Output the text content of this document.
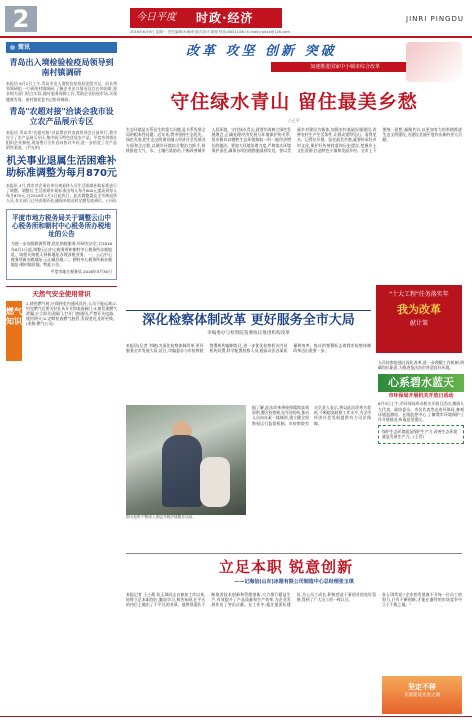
2	今日平度 时政·经济	JINRI PINGDU
2016年6月6日 星期一 责任编辑:孙海涛 版式设计:胡强 热线:88321080 E-mail:jrpdxx@126.com
简讯
青岛出入境检验检疫局领导到南村镇调研
本报讯 6月2日上午,青岛市出入境检验检疫局党组书记、局长带领调研组一行到南村镇调研,了解企业出口情况及存在的困难,要求相关部门结合实际,做好服务保障工作,帮助企业拓展市场,实现健康发展。南村镇党委书记陪同调研。
青岛"农超对接"洽谈会我市设立农产品展示专区
本报讯 青岛市"农超对接"洽谈暨农村电商培训会日前举行,我市设立了农产品展示专区,集中展示特色优质农产品。平度市供销社组织企业参展,现场签订合作意向协议多份,进一步拓宽了农产品销售渠道。(尹光明)
机关事业退属生活困难补助标准调整为每月870元
本报讯 4月,我市对企事业单位离退休人员生活困难补助标准进行了调整。调整后,生活困难补助标准由每人每月800元提高到每人每月870元,自2016年1月1日起执行。此次调整惠及全市离退休人员,有关部门已经安排资金,确保补助及时足额发放到位。(小原)
平度市地方税务局关于调整云山中心税务所和朝村中心税务所办税地址的公告
为进一步加强税源管理,优化纳税服务,经研究决定,自2016年6月1日起,调整云山中心税务所和朝村中心税务所办税地址。请相关纳税人到新地址办理涉税业务。一、云山中心税务所新办税地址:云山镇驻地;二、朝村中心税务所新办税地址:朝村镇驻地。特此公告。
平度市地方税务局 2016年5月30日
天然气安全使用常识
燃气知识
1.使用燃气时,应保持室内通风良好,人员不能远离;2.用完燃气后要关好灶具开关和表前阀门;3.如发现燃气泄漏,应立即关闭阀门,打开门窗通风,严禁开关电器、使用明火;4.定期检查燃气胶管,发现老化及时更换。(来源:燃气公司)
改革 攻坚 创新 突破
加速推进国家中小城市综合改革
守住绿水青山 留住最美乡愁
○王平
生态环境是关系民生的重大问题,是关系发展全局的根本性问题。近年来,我市坚持生态优先、绿色发展,把生态文明建设融入经济社会发展各方面和全过程,以城乡环境综合整治为抓手,持续推进大气、水、土壤污染防治,不断改善城乡人居环境。守住绿水青山,就要牢固树立绿色发展理念,正确处理经济发展与环境保护的关系,坚决摒弃以牺牲生态环境换取一时一地经济增长的做法。要加大环境治理力度,严格落实环境保护责任,确保各项治理措施落到实处。要以美丽乡村建设为载体,加强农村基础设施建设,改善农村生产生活条件,让群众望得见山、看得见水、记得住乡愁。留住最美乡愁,就要传承好乡村文化,保护好传统村落和历史遗存,挖掘乡土文化资源,打造特色小镇和美丽乡村。全市上下要统一思想,凝聚共识,以更加有力的举措推进生态文明建设,为建设美丽平度作出新的更大贡献。
"十大工程"任务落实年
我为改革
献计策
深化检察体制改革 更好服务全市大局
市编委办与检察院签署协议推进机构改革
本报讯(记者 刘晓)为深化检察体制改革,更好服务全市发展大局,近日,市编委办与市检察院签署机构编制协议,进一步优化检察机关内设机构设置,科学配置检察人员,提高司法办案质量和效率。协议的签署标志着我市检察体制改革迈出重要一步。
图为检察干警深入基层开展法律服务活动。
据了解,此次改革将按照精简高效原则,整合检察机关内设机构,推动人员向办案一线倾斜,建立健全检察权运行监督机制。市检察院有关负责人表示,将以此次改革为契机,不断提高检察工作水平,为全市经济社会发展提供有力司法保障。
人民检察院通过深化改革,进一步理顺工作机制,明确岗位职责,为推进依法治市营造良好环境。
心系碧水蓝天
市环保局开展机关开放日活动
6月3日上午,市环保局举办机关开放日活动,邀请人大代表、政协委员、市民代表等走进环保局,参观环境监测站、在线监控中心,了解我市环境保护工作开展情况,听取意见建议。
保护生态环境就是保护生产力,改善生态环境就是发展生产力。(王青)
立足本职 锐意创新
——记海信(山东)冰箱有限公司制造中心总经理张玉琪
本报记者 王小燕 张玉琪同志自参加工作以来,始终立足本职岗位,勤奋学习,刻苦钻研,在平凡的岗位上做出了不平凡的业绩。他带领团队不断推进技术创新和管理创新,大力推行精益生产,有效提升了产品质量和生产效率,为企业发展作出了突出贡献。在工作中,他注重团队建设,关心员工成长,积极营造干事创业的良好氛围,得到了广大员工的一致认可。
张玉琪常说:"企业的发展离不开每一位员工的努力,只有不断创新,才能在激烈的市场竞争中立于不败之地。"
坚定不移
实施建设先进之城
